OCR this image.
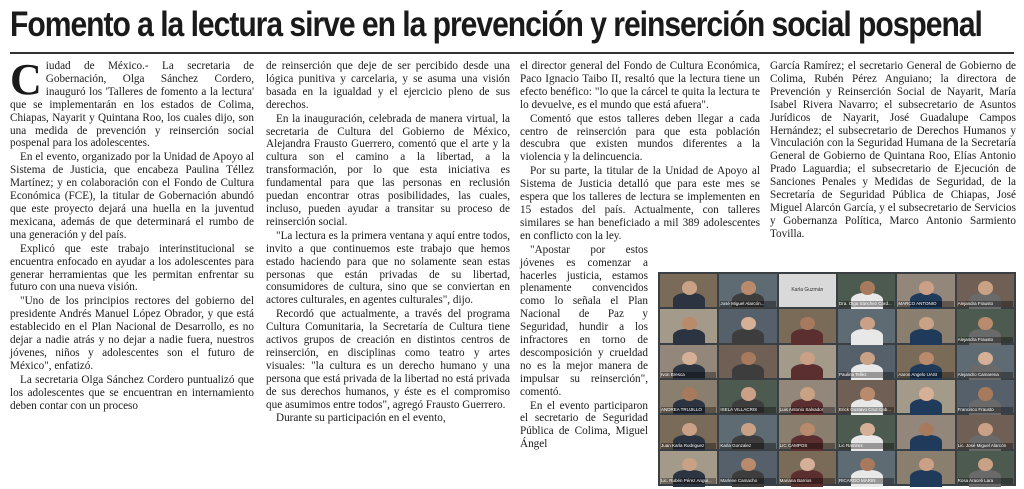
Fomento a la lectura sirve en la prevención y reinserción social pospenal

Ciudad de México.- La secretaria de Gobernación, Olga Sánchez Cordero, inauguró los 'Talleres de fomento a la lectura' que se implementarán en los estados de Colima, Chiapas, Nayarit y Quintana Roo, los cuales dijo, son una medida de prevención y reinserción social pospenal para los adolescentes.

En el evento, organizado por la Unidad de Apoyo al Sistema de Justicia, que encabeza Paulina Téllez Martínez; y en colaboración con el Fondo de Cultura Económica (FCE), la titular de Gobernación abundó que este proyecto dejará una huella en la juventud mexicana, además de que determinará el rumbo de una generación y del país.

Explicó que este trabajo interinstitucional se encuentra enfocado en ayudar a los adolescentes para generar herramientas que les permitan enfrentar su futuro con una nueva visión.

"Uno de los principios rectores del gobierno del presidente Andrés Manuel López Obrador, y que está establecido en el Plan Nacional de Desarrollo, es no dejar a nadie atrás y no dejar a nadie fuera, nuestros jóvenes, niños y adolescentes son el futuro de México", enfatizó.

La secretaria Olga Sánchez Cordero puntualizó que los adolescentes que se encuentran en internamiento deben contar con un proceso

de reinserción que deje de ser percibido desde una lógica punitiva y carcelaria, y se asuma una visión basada en la igualdad y el ejercicio pleno de sus derechos.

En la inauguración, celebrada de manera virtual, la secretaria de Cultura del Gobierno de México, Alejandra Frausto Guerrero, comentó que el arte y la cultura son el camino a la libertad, a la transformación, por lo que esta iniciativa es fundamental para que las personas en reclusión puedan encontrar otras posibilidades, las cuales, incluso, pueden ayudar a transitar su proceso de reinserción social.

"La lectura es la primera ventana y aquí entre todos, invito a que continuemos este trabajo que hemos estado haciendo para que no solamente sean estas personas que están privadas de su libertad, consumidores de cultura, sino que se conviertan en actores culturales, en agentes culturales", dijo.

Recordó que actualmente, a través del programa Cultura Comunitaria, la Secretaría de Cultura tiene activos grupos de creación en distintos centros de reinserción, en disciplinas como teatro y artes visuales: "la cultura es un derecho humano y una persona que está privada de la libertad no está privada de sus derechos humanos, y éste es el compromiso que asumimos entre todos", agregó Frausto Guerrero.

Durante su participación en el evento,

el director general del Fondo de Cultura Económica, Paco Ignacio Taibo II, resaltó que la lectura tiene un efecto benéfico: "lo que la cárcel te quita la lectura te lo devuelve, es el mundo que está afuera".

Comentó que estos talleres deben llegar a cada centro de reinserción para que esta población descubra que existen mundos diferentes a la violencia y la delincuencia.

Por su parte, la titular de la Unidad de Apoyo al Sistema de Justicia detalló que para este mes se espera que los talleres de lectura se implementen en 15 estados del país. Actualmente, con talleres similares se han beneficiado a mil 389 adolescentes en conflicto con la ley.

"Apostar por estos jóvenes es comenzar a hacerles justicia, estamos plenamente convencidos como lo señala el Plan Nacional de Paz y Seguridad, hundir a los infractores en torno de descomposición y crueldad no es la mejor manera de impulsar su reinserción", comentó.

En el evento participaron el secretario de Seguridad Pública de Colima, Miguel Ángel

García Ramírez; el secretario General de Gobierno de Colima, Rubén Pérez Anguiano; la directora de Prevención y Reinserción Social de Nayarit, María Isabel Rivera Navarro; el subsecretario de Asuntos Jurídicos de Nayarit, José Guadalupe Campos Hernández; el subsecretario de Derechos Humanos y Vinculación con la Seguridad Humana de la Secretaría General de Gobierno de Quintana Roo, Elías Antonio Prado Laguardia; el subsecretario de Ejecución de Sanciones Penales y Medidas de Seguridad, de la Secretaría de Seguridad Pública de Chiapas, José Miguel Alarcón García, y el subsecretario de Servicios y Gobernanza Política, Marco Antonio Sarmiento Tovilla.

José Miguel Alarcón...
Karla Guzmán
Dra. Olga Sánchez Cord...	MARCO ANTONIO	Alejandra Frausto
Alejandra Frausto
Ivon Bresca	Paulina Tellez	Aaron Angelo UASI	Alejandro Camarena
ANDREA TRUJILLO	ISELA VILLACRIS	Luis Antonio Salvador	Erick Gustavo Cruz Cab...	Francisco Frausto
Juan Karla Rodriguez	Karla Gonzalez	LIC CAMPOS	Lic Ramirez	Lic. José Miguel Alarcón
Lic. Rubén Pérez Angui...	Marlene Camacho	Mariana Barrios	RICARDO MARIN	Rosa Araceli Lara
